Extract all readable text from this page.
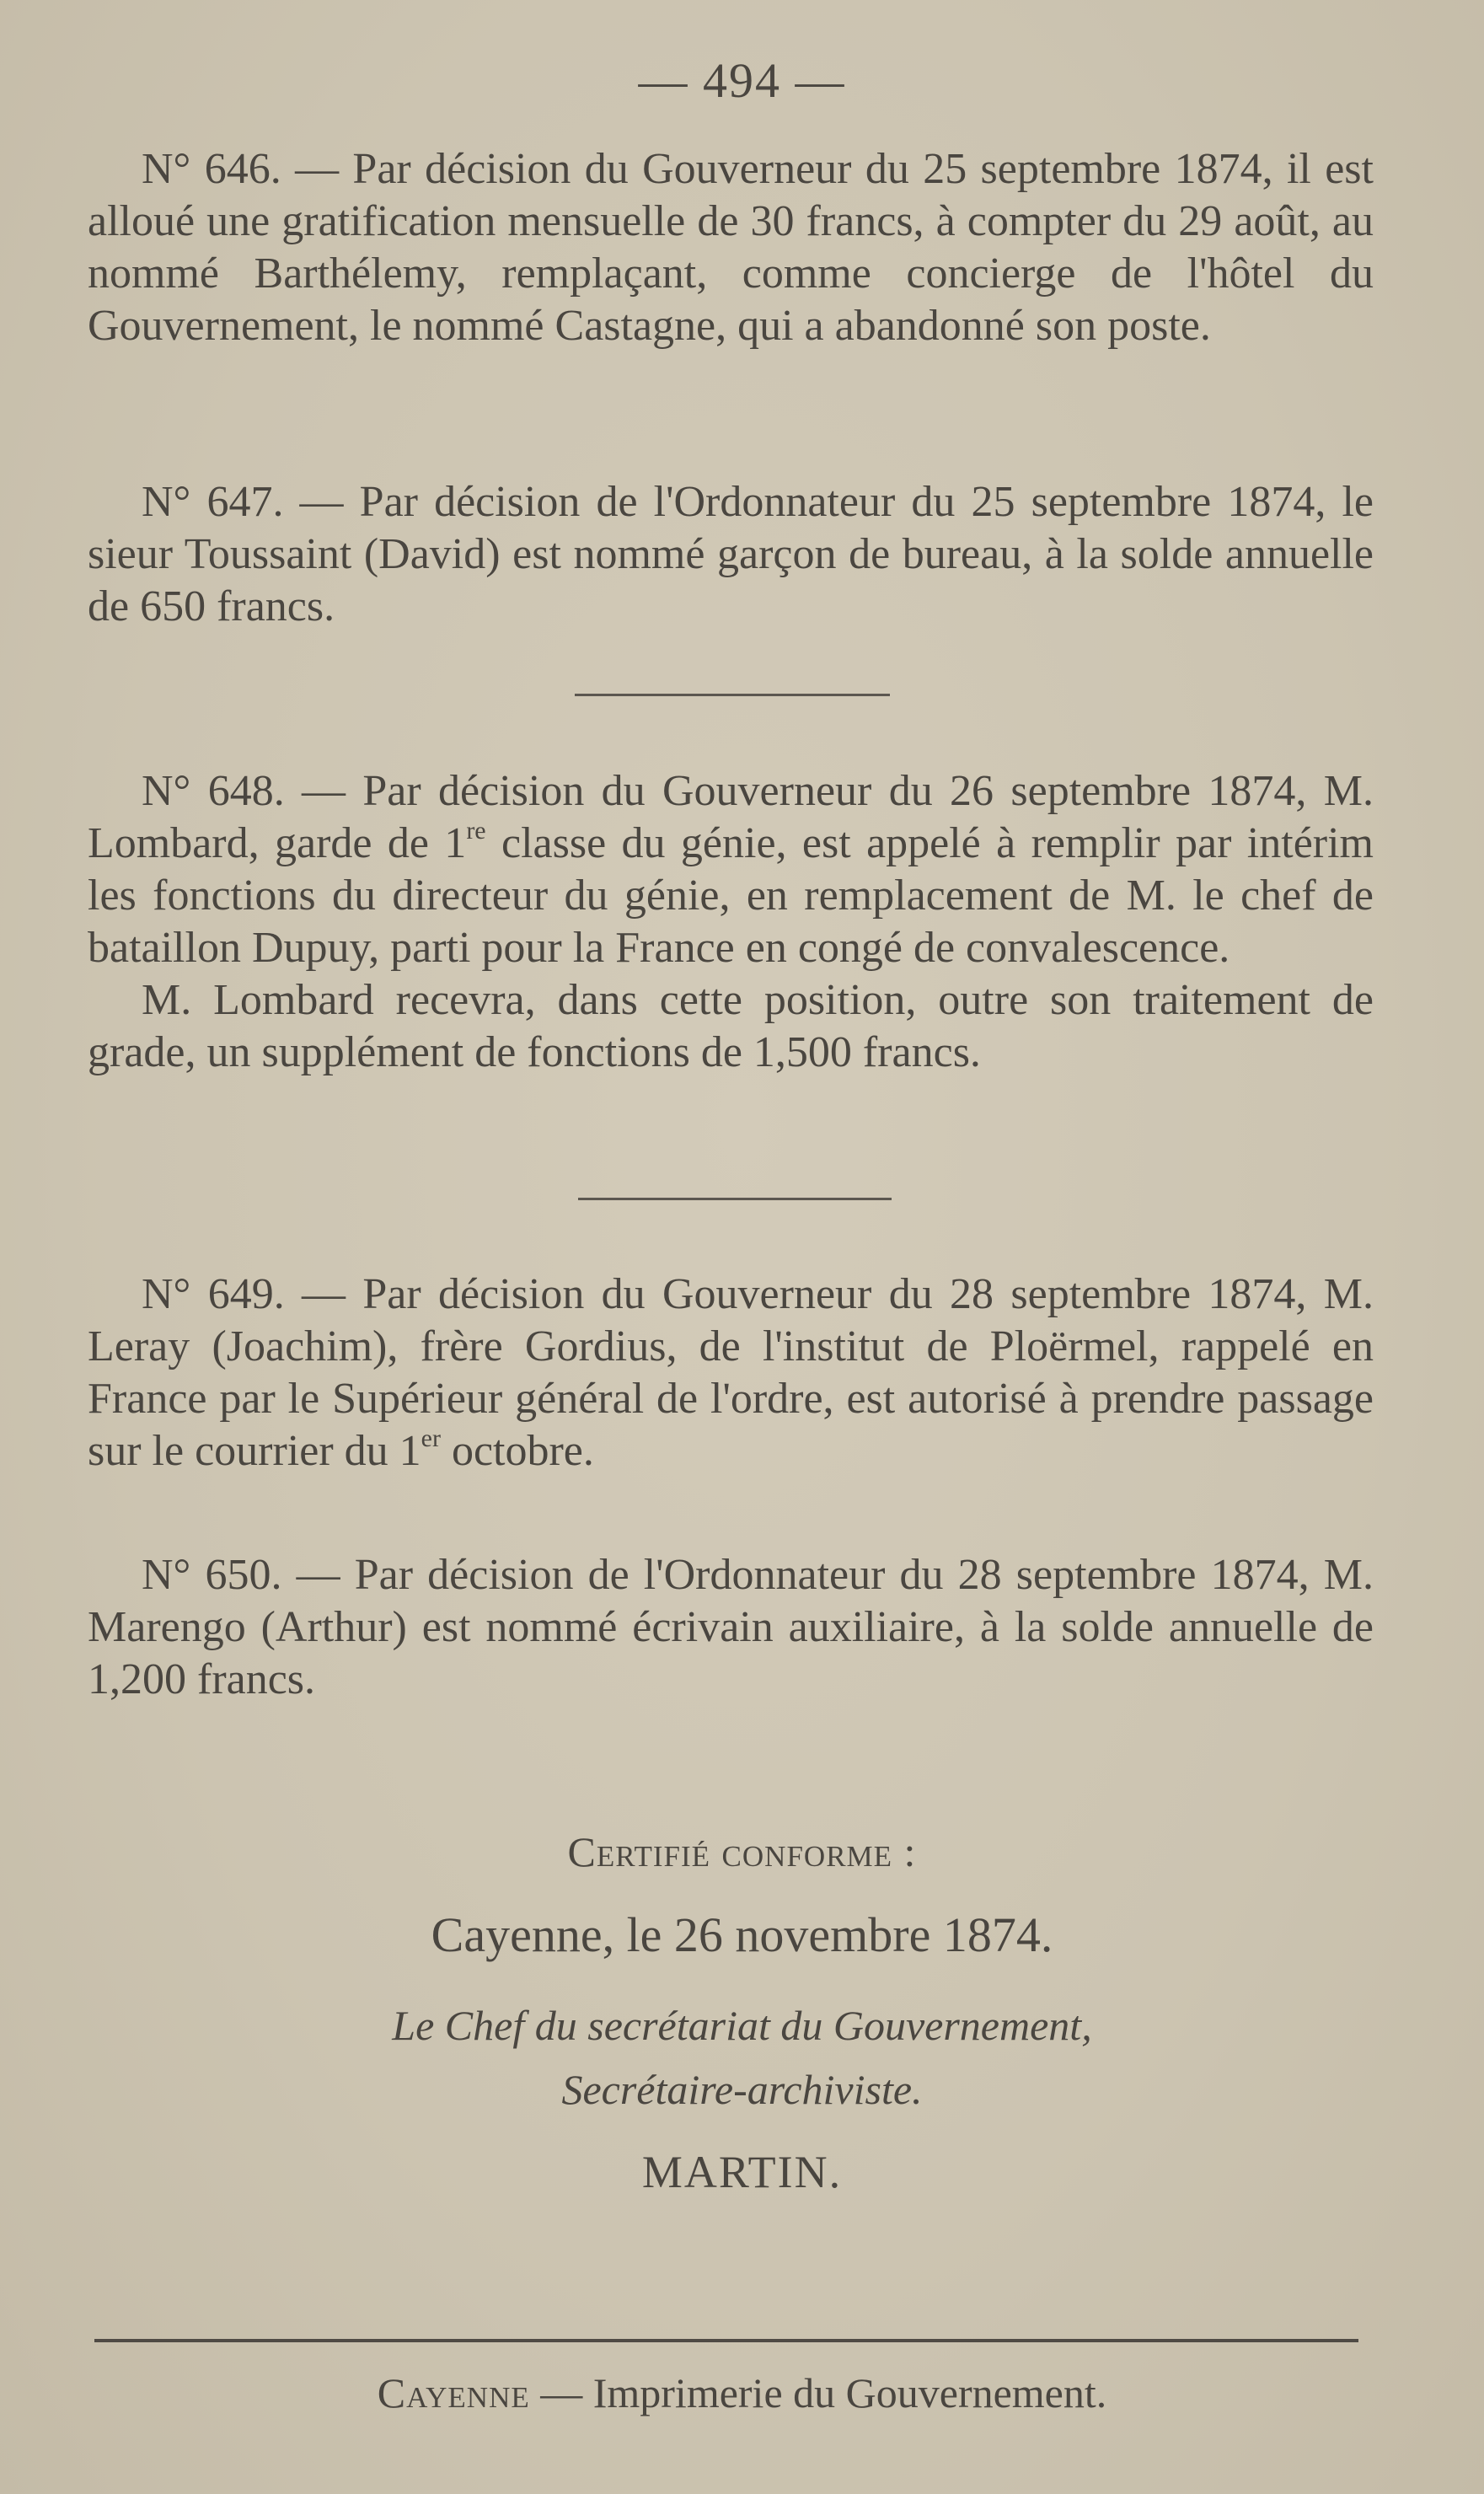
— 494 —

N° 646. — Par décision du Gouverneur du 25 septembre 1874, il est alloué une gratification mensuelle de 30 francs, à compter du 29 août, au nommé Barthélemy, remplaçant, comme concierge de l'hôtel du Gouvernement, le nommé Castagne, qui a abandonné son poste.

N° 647. — Par décision de l'Ordonnateur du 25 septembre 1874, le sieur Toussaint (David) est nommé garçon de bureau, à la solde annuelle de 650 francs.

N° 648. — Par décision du Gouverneur du 26 septembre 1874, M. Lombard, garde de 1re classe du génie, est appelé à remplir par intérim les fonctions du directeur du génie, en remplacement de M. le chef de bataillon Dupuy, parti pour la France en congé de convalescence.

M. Lombard recevra, dans cette position, outre son traitement de grade, un supplément de fonctions de 1,500 francs.

N° 649. — Par décision du Gouverneur du 28 septembre 1874, M. Leray (Joachim), frère Gordius, de l'institut de Ploërmel, rappelé en France par le Supérieur général de l'ordre, est autorisé à prendre passage sur le courrier du 1er octobre.

N° 650. — Par décision de l'Ordonnateur du 28 septembre 1874, M. Marengo (Arthur) est nommé écrivain auxiliaire, à la solde annuelle de 1,200 francs.

Certifié conforme :
Cayenne, le 26 novembre 1874.
Le Chef du secrétariat du Gouvernement,
Secrétaire-archiviste.
MARTIN.
Cayenne — Imprimerie du Gouvernement.
